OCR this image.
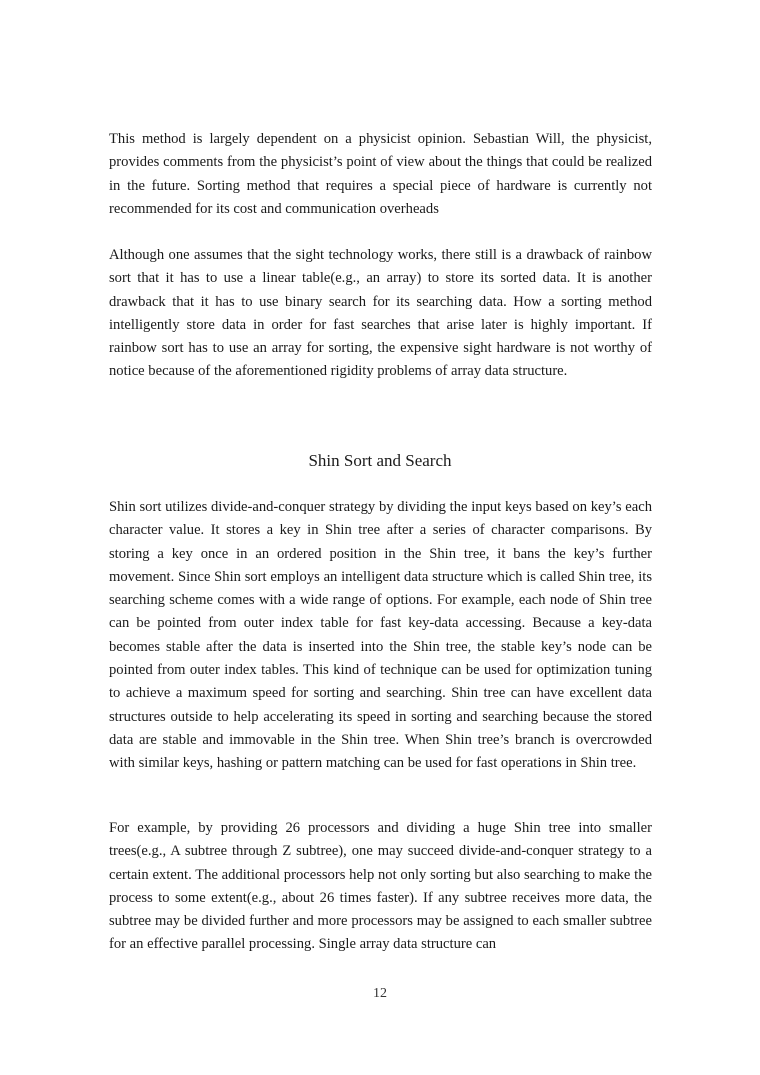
This method is largely dependent on a physicist opinion. Sebastian Will, the physicist, provides comments from the physicist’s point of view about the things that could be realized in the future. Sorting method that requires a special piece of hardware is currently not recommended for its cost and communication overheads

Although one assumes that the sight technology works, there still is a drawback of rainbow sort that it has to use a linear table(e.g., an array) to store its sorted data. It is another drawback that it has to use binary search for its searching data. How a sorting method intelligently store data in order for fast searches that arise later is highly important. If rainbow sort has to use an array for sorting, the expensive sight hardware is not worthy of notice because of the aforementioned rigidity problems of array data structure.

Shin Sort and Search

Shin sort utilizes divide-and-conquer strategy by dividing the input keys based on key’s each character value. It stores a key in Shin tree after a series of character comparisons. By storing a key once in an ordered position in the Shin tree, it bans the key’s further movement. Since Shin sort employs an intelligent data structure which is called Shin tree, its searching scheme comes with a wide range of options. For example, each node of Shin tree can be pointed from outer index table for fast key-data accessing. Because a key-data becomes stable after the data is inserted into the Shin tree, the stable key’s node can be pointed from outer index tables. This kind of technique can be used for optimization tuning to achieve a maximum speed for sorting and searching. Shin tree can have excellent data structures outside to help accelerating its speed in sorting and searching because the stored data are stable and immovable in the Shin tree. When Shin tree’s branch is overcrowded with similar keys, hashing or pattern matching can be used for fast operations in Shin tree.

For example, by providing 26 processors and dividing a huge Shin tree into smaller trees(e.g., A subtree through Z subtree), one may succeed divide-and-conquer strategy to a certain extent. The additional processors help not only sorting but also searching to make the process to some extent(e.g., about 26 times faster). If any subtree receives more data, the subtree may be divided further and more processors may be assigned to each smaller subtree for an effective parallel processing. Single array data structure can

12
